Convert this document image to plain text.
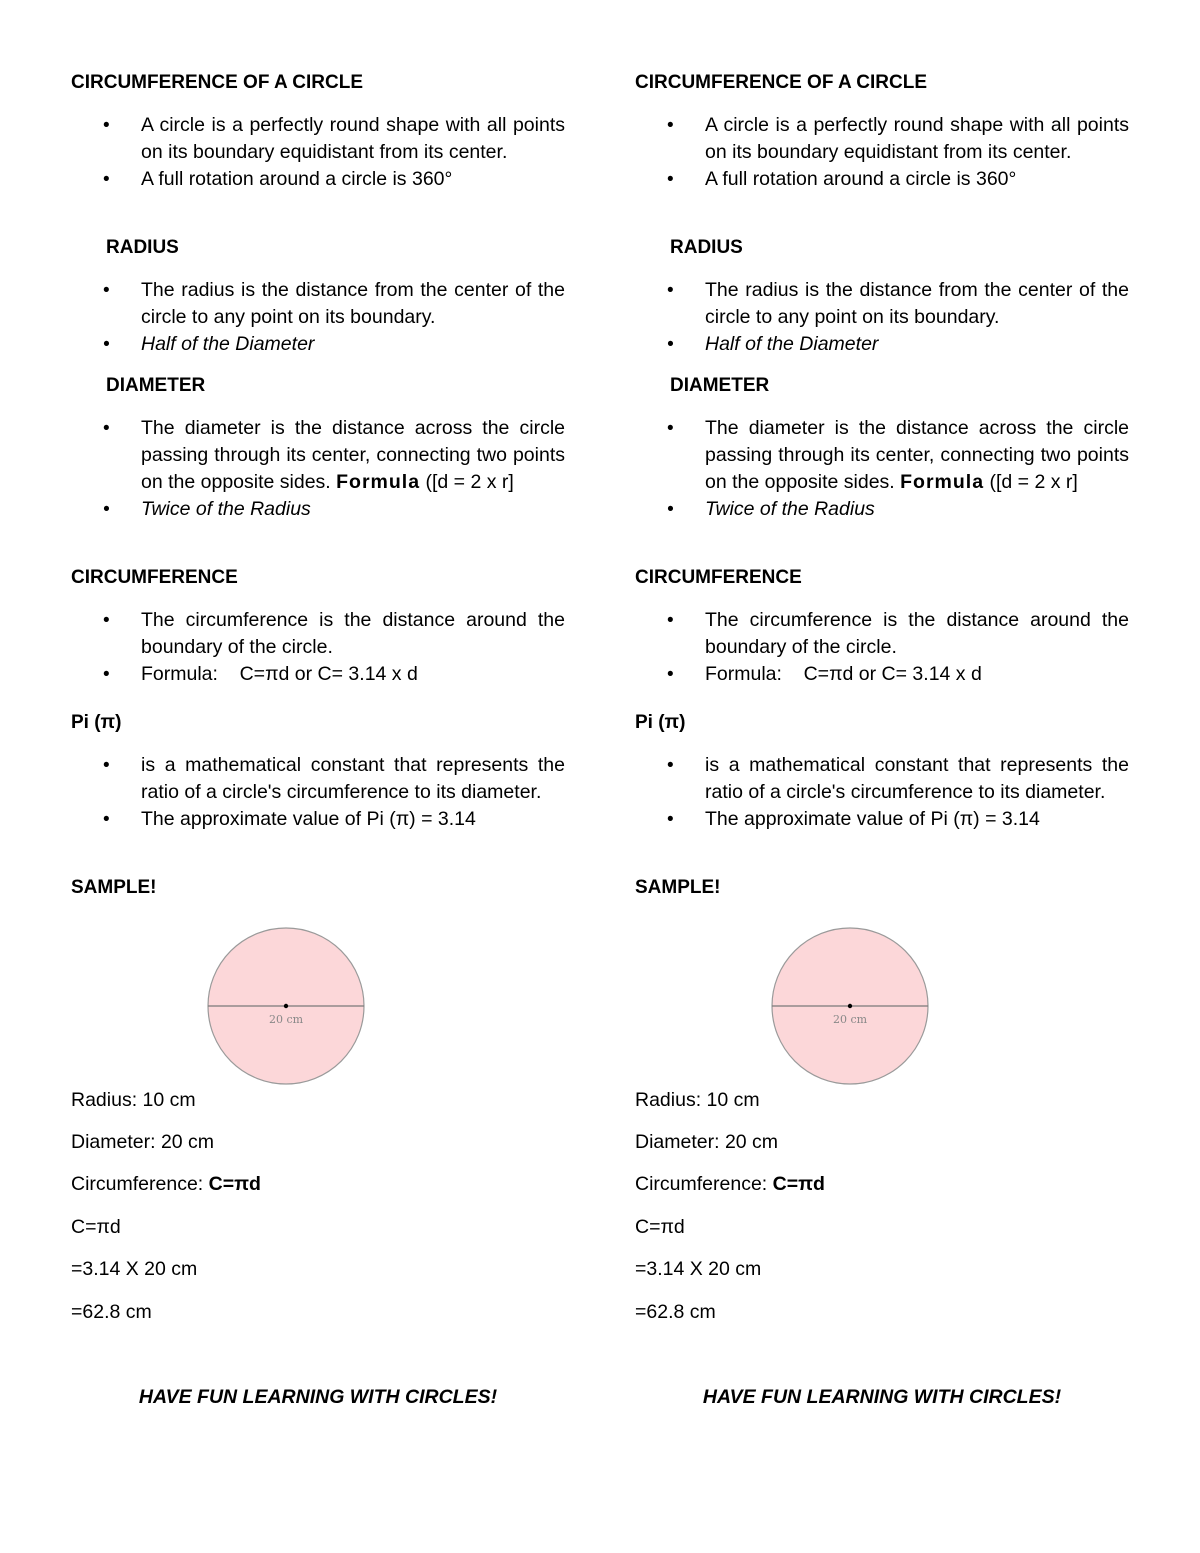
CIRCUMFERENCE OF A CIRCLE
• A circle is a perfectly round shape with all points on its boundary equidistant from its center.
• A full rotation around a circle is 360°
RADIUS
• The radius is the distance from the center of the circle to any point on its boundary.
• Half of the Diameter
DIAMETER
• The diameter is the distance across the circle passing through its center, connecting two points on the opposite sides. Formula ([d = 2 x r]
• Twice of the Radius
CIRCUMFERENCE
• The circumference is the distance around the boundary of the circle.
• Formula:    C=πd or C= 3.14 x d
Pi (π)
• is a mathematical constant that represents the ratio of a circle's circumference to its diameter.
• The approximate value of Pi (π) = 3.14
SAMPLE!
20 cm
Radius: 10 cm
Diameter: 20 cm
Circumference: C=πd
C=πd
=3.14 X 20 cm
=62.8 cm
HAVE FUN LEARNING WITH CIRCLES!
CIRCUMFERENCE OF A CIRCLE
• A circle is a perfectly round shape with all points on its boundary equidistant from its center.
• A full rotation around a circle is 360°
RADIUS
• The radius is the distance from the center of the circle to any point on its boundary.
• Half of the Diameter
DIAMETER
• The diameter is the distance across the circle passing through its center, connecting two points on the opposite sides. Formula ([d = 2 x r]
• Twice of the Radius
CIRCUMFERENCE
• The circumference is the distance around the boundary of the circle.
• Formula:    C=πd or C= 3.14 x d
Pi (π)
• is a mathematical constant that represents the ratio of a circle's circumference to its diameter.
• The approximate value of Pi (π) = 3.14
SAMPLE!
20 cm
Radius: 10 cm
Diameter: 20 cm
Circumference: C=πd
C=πd
=3.14 X 20 cm
=62.8 cm
HAVE FUN LEARNING WITH CIRCLES!
